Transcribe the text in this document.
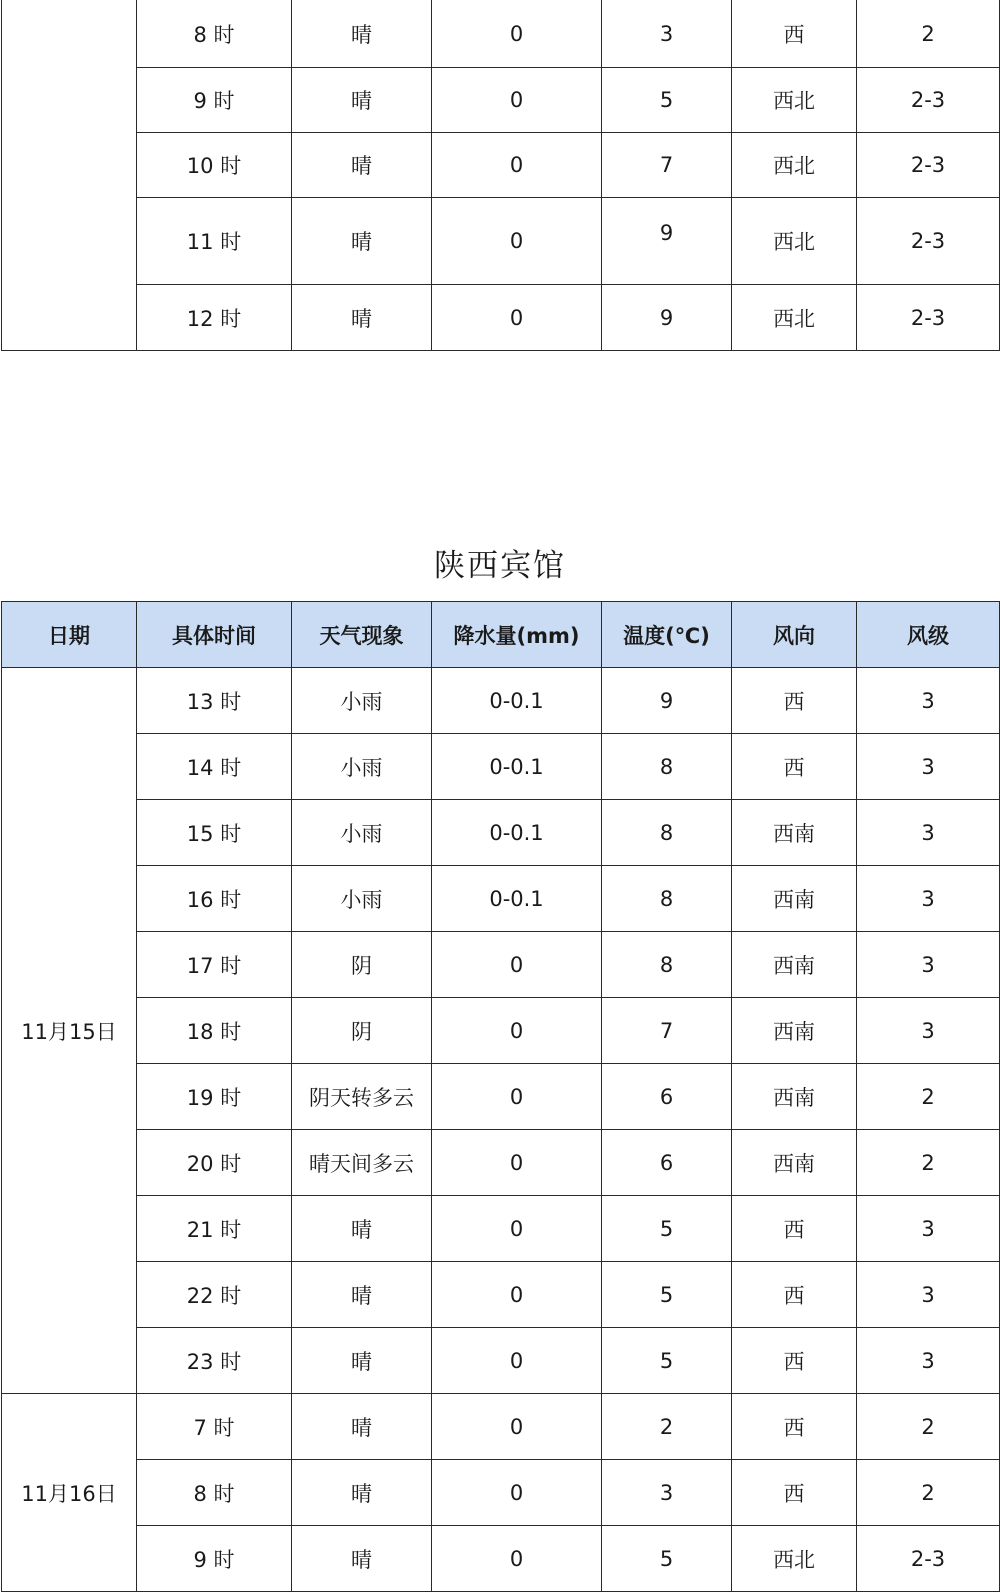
	8 时	晴	0	3	西	2
	9 时	晴	0	5	西北	2-3
	10 时	晴	0	7	西北	2-3
	11 时	晴	0	9	西北	2-3
	12 时	晴	0	9	西北	2-3
陕西宾馆
日期	具体时间	天气现象	降水量(mm)	温度(℃)	风向	风级
11月15日	13 时	小雨	0-0.1	9	西	3
	14 时	小雨	0-0.1	8	西	3
	15 时	小雨	0-0.1	8	西南	3
	16 时	小雨	0-0.1	8	西南	3
	17 时	阴	0	8	西南	3
	18 时	阴	0	7	西南	3
	19 时	阴天转多云	0	6	西南	2
	20 时	晴天间多云	0	6	西南	2
	21 时	晴	0	5	西	3
	22 时	晴	0	5	西	3
	23 时	晴	0	5	西	3
11月16日	7 时	晴	0	2	西	2
	8 时	晴	0	3	西	2
	9 时	晴	0	5	西北	2-3
